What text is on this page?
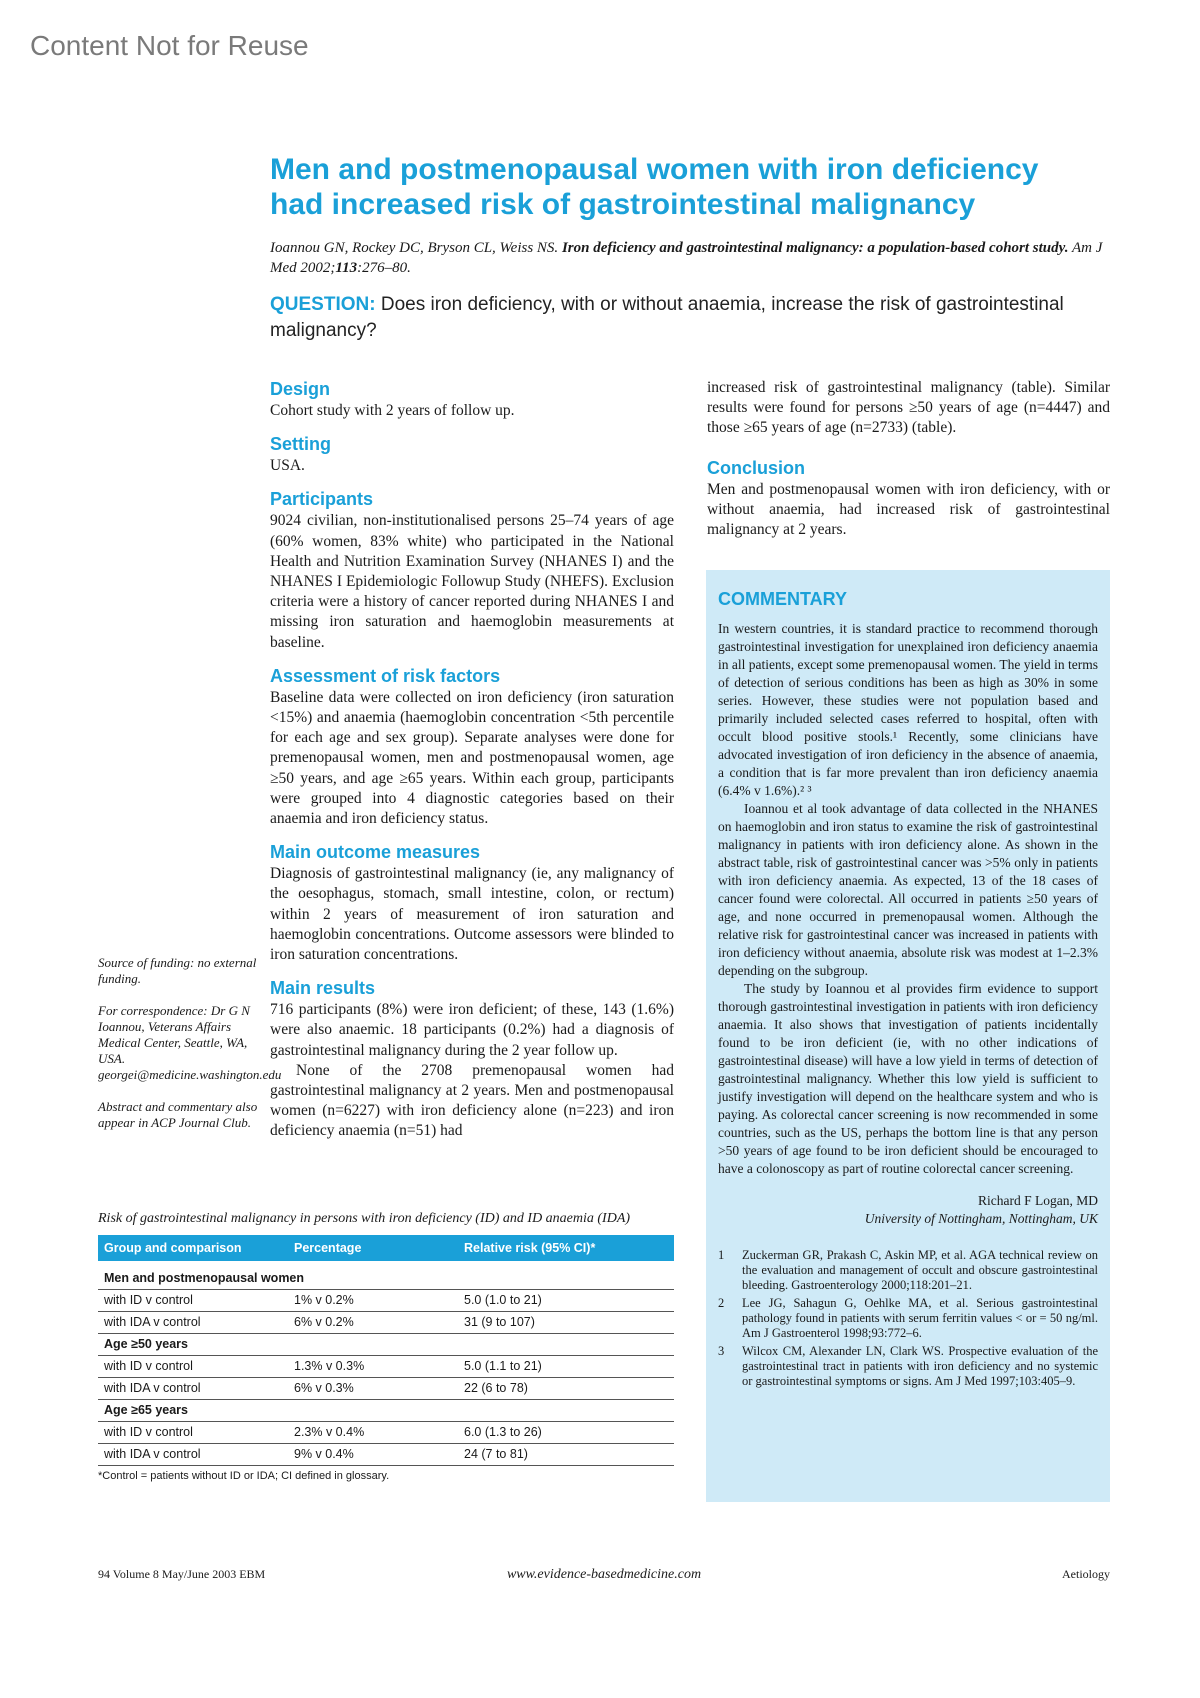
Content Not for Reuse
Men and postmenopausal women with iron deficiency had increased risk of gastrointestinal malignancy
Ioannou GN, Rockey DC, Bryson CL, Weiss NS. Iron deficiency and gastrointestinal malignancy: a population-based cohort study. Am J Med 2002;113:276–80.
QUESTION: Does iron deficiency, with or without anaemia, increase the risk of gastrointestinal malignancy?
Design

Cohort study with 2 years of follow up.

Setting

USA.

Participants

9024 civilian, non-institutionalised persons 25–74 years of age (60% women, 83% white) who participated in the National Health and Nutrition Examination Survey (NHANES I) and the NHANES I Epidemiologic Followup Study (NHEFS). Exclusion criteria were a history of cancer reported during NHANES I and missing iron saturation and haemoglobin measurements at baseline.

Assessment of risk factors

Baseline data were collected on iron deficiency (iron saturation <15%) and anaemia (haemoglobin concentration <5th percentile for each age and sex group). Separate analyses were done for premenopausal women, men and postmenopausal women, age ≥50 years, and age ≥65 years. Within each group, participants were grouped into 4 diagnostic categories based on their anaemia and iron deficiency status.

Main outcome measures

Diagnosis of gastrointestinal malignancy (ie, any malignancy of the oesophagus, stomach, small intestine, colon, or rectum) within 2 years of measurement of iron saturation and haemoglobin concentrations. Outcome assessors were blinded to iron saturation concentrations.

Main results

716 participants (8%) were iron deficient; of these, 143 (1.6%) were also anaemic. 18 participants (0.2%) had a diagnosis of gastrointestinal malignancy during the 2 year follow up.

None of the 2708 premenopausal women had gastrointestinal malignancy at 2 years. Men and postmenopausal women (n=6227) with iron deficiency alone (n=223) and iron deficiency anaemia (n=51) had

increased risk of gastrointestinal malignancy (table). Similar results were found for persons ≥50 years of age (n=4447) and those ≥65 years of age (n=2733) (table).

Conclusion

Men and postmenopausal women with iron deficiency, with or without anaemia, had increased risk of gastrointestinal malignancy at 2 years.

Source of funding: no external funding.

For correspondence: Dr G N Ioannou, Veterans Affairs Medical Center, Seattle, WA, USA. georgei@medicine.washington.edu

Abstract and commentary also appear in ACP Journal Club.

Risk of gastrointestinal malignancy in persons with iron deficiency (ID) and ID anaemia (IDA)
Group and comparison	Percentage	Relative risk (95% CI)*
Men and postmenopausal women		
with ID v control	1% v 0.2%	5.0 (1.0 to 21)
with IDA v control	6% v 0.2%	31 (9 to 107)
Age ≥50 years		
with ID v control	1.3% v 0.3%	5.0 (1.1 to 21)
with IDA v control	6% v 0.3%	22 (6 to 78)
Age ≥65 years		
with ID v control	2.3% v 0.4%	6.0 (1.3 to 26)
with IDA v control	9% v 0.4%	24 (7 to 81)
*Control = patients without ID or IDA; CI defined in glossary.
COMMENTARY

In western countries, it is standard practice to recommend thorough gastrointestinal investigation for unexplained iron deficiency anaemia in all patients, except some premenopausal women. The yield in terms of detection of serious conditions has been as high as 30% in some series. However, these studies were not population based and primarily included selected cases referred to hospital, often with occult blood positive stools.¹ Recently, some clinicians have advocated investigation of iron deficiency in the absence of anaemia, a condition that is far more prevalent than iron deficiency anaemia (6.4% v 1.6%).² ³

Ioannou et al took advantage of data collected in the NHANES on haemoglobin and iron status to examine the risk of gastrointestinal malignancy in patients with iron deficiency alone. As shown in the abstract table, risk of gastrointestinal cancer was >5% only in patients with iron deficiency anaemia. As expected, 13 of the 18 cases of cancer found were colorectal. All occurred in patients ≥50 years of age, and none occurred in premenopausal women. Although the relative risk for gastrointestinal cancer was increased in patients with iron deficiency without anaemia, absolute risk was modest at 1–2.3% depending on the subgroup.

The study by Ioannou et al provides firm evidence to support thorough gastrointestinal investigation in patients with iron deficiency anaemia. It also shows that investigation of patients incidentally found to be iron deficient (ie, with no other indications of gastrointestinal disease) will have a low yield in terms of detection of gastrointestinal malignancy. Whether this low yield is sufficient to justify investigation will depend on the healthcare system and who is paying. As colorectal cancer screening is now recommended in some countries, such as the US, perhaps the bottom line is that any person >50 years of age found to be iron deficient should be encouraged to have a colonoscopy as part of routine colorectal cancer screening.

Richard F Logan, MD
University of Nottingham, Nottingham, UK
1	Zuckerman GR, Prakash C, Askin MP, et al. AGA technical review on the evaluation and management of occult and obscure gastrointestinal bleeding. Gastroenterology 2000;118:201–21.
2	Lee JG, Sahagun G, Oehlke MA, et al. Serious gastrointestinal pathology found in patients with serum ferritin values < or = 50 ng/ml. Am J Gastroenterol 1998;93:772–6.
3	Wilcox CM, Alexander LN, Clark WS. Prospective evaluation of the gastrointestinal tract in patients with iron deficiency and no systemic or gastrointestinal symptoms or signs. Am J Med 1997;103:405–9.
94 Volume 8 May/June 2003 EBM	www.evidence-basedmedicine.com	Aetiology
